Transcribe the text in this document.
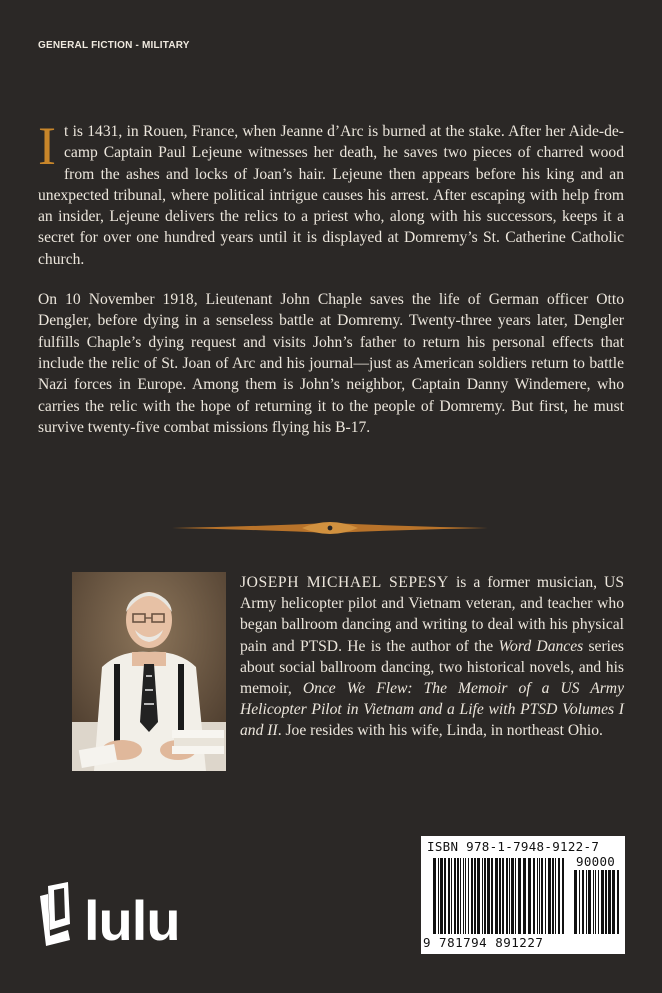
GENERAL FICTION - MILITARY

It is 1431, in Rouen, France, when Jeanne d’Arc is burned at the stake. After her Aide-de-camp Captain Paul Lejeune witnesses her death, he saves two pieces of charred wood from the ashes and locks of Joan’s hair. Lejeune then appears before his king and an unexpected tribunal, where political intrigue causes his arrest. After escaping with help from an insider, Lejeune delivers the relics to a priest who, along with his successors, keeps it a secret for over one hundred years until it is displayed at Domremy’s St. Catherine Catholic church.

On 10 November 1918, Lieutenant John Chaple saves the life of German officer Otto Dengler, before dying in a senseless battle at Domremy. Twenty-three years later, Dengler fulfills Chaple’s dying request and visits John’s father to return his personal effects that include the relic of St. Joan of Arc and his journal—just as American soldiers return to battle Nazi forces in Europe. Among them is John’s neighbor, Captain Danny Windemere, who carries the relic with the hope of returning it to the people of Domremy. But first, he must survive twenty-five combat missions flying his B-17.

JOSEPH MICHAEL SEPESY is a former musician, US Army helicopter pilot and Vietnam veteran, and teacher who began ballroom dancing and writing to deal with his physical pain and PTSD. He is the author of the Word Dances series about social ballroom dancing, two historical novels, and his memoir, Once We Flew: The Memoir of a US Army Helicopter Pilot in Vietnam and a Life with PTSD Volumes I and II. Joe resides with his wife, Linda, in northeast Ohio.
lulu
ISBN 978-1-7948-9122-7
90000
9 781794 891227
